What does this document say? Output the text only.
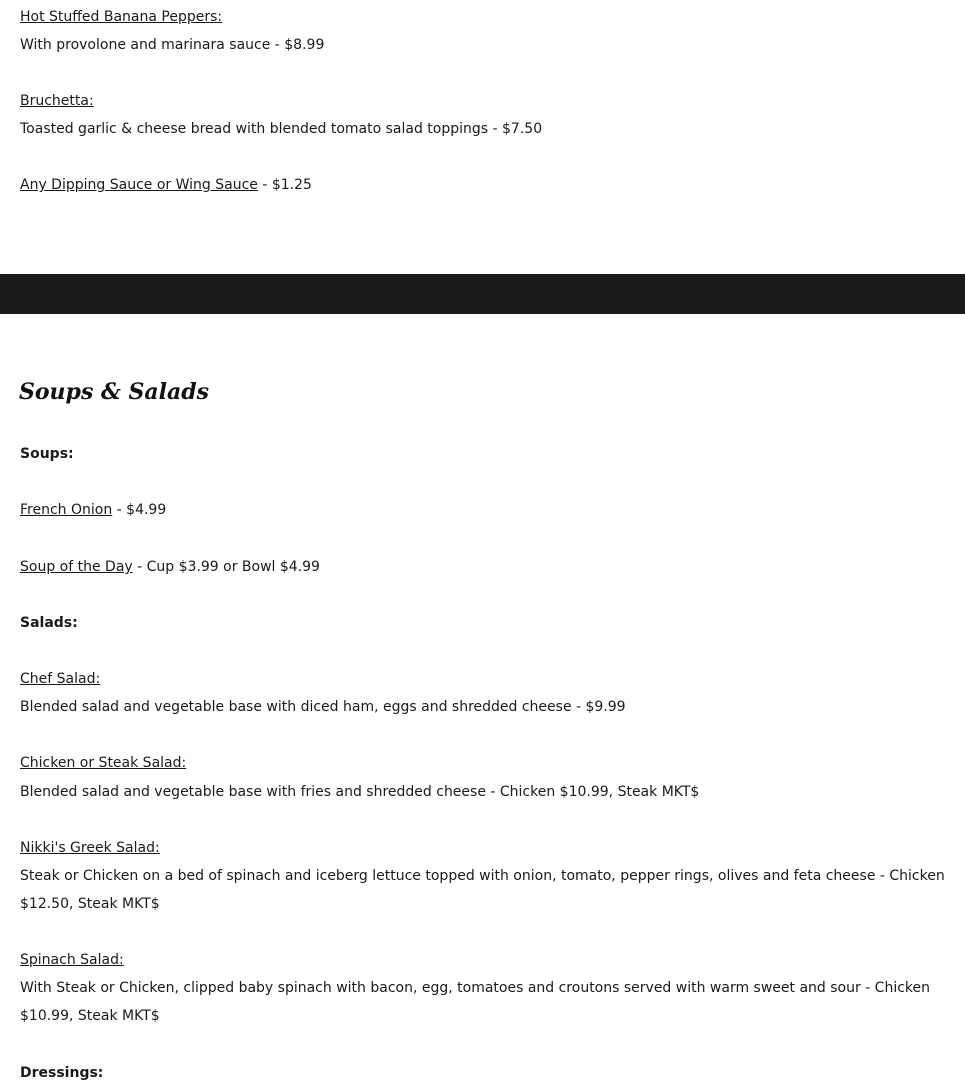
Hot Stuffed Banana Peppers:
With provolone and marinara sauce - $8.99
Bruchetta:
Toasted garlic & cheese bread with blended tomato salad toppings - $7.50
Any Dipping Sauce or Wing Sauce - $1.25
Soups & Salads
Soups:
French Onion - $4.99
Soup of the Day - Cup $3.99 or Bowl $4.99
Salads:
Chef Salad:
Blended salad and vegetable base with diced ham, eggs and shredded cheese - $9.99
Chicken or Steak Salad:
Blended salad and vegetable base with fries and shredded cheese - Chicken $10.99, Steak MKT$
Nikki's Greek Salad:
Steak or Chicken on a bed of spinach and iceberg lettuce topped with onion, tomato, pepper rings, olives and feta cheese - Chicken $12.50, Steak MKT$
Spinach Salad:
With Steak or Chicken, clipped baby spinach with bacon, egg, tomatoes and croutons served with warm sweet and sour - Chicken $10.99, Steak MKT$
Dressings:
